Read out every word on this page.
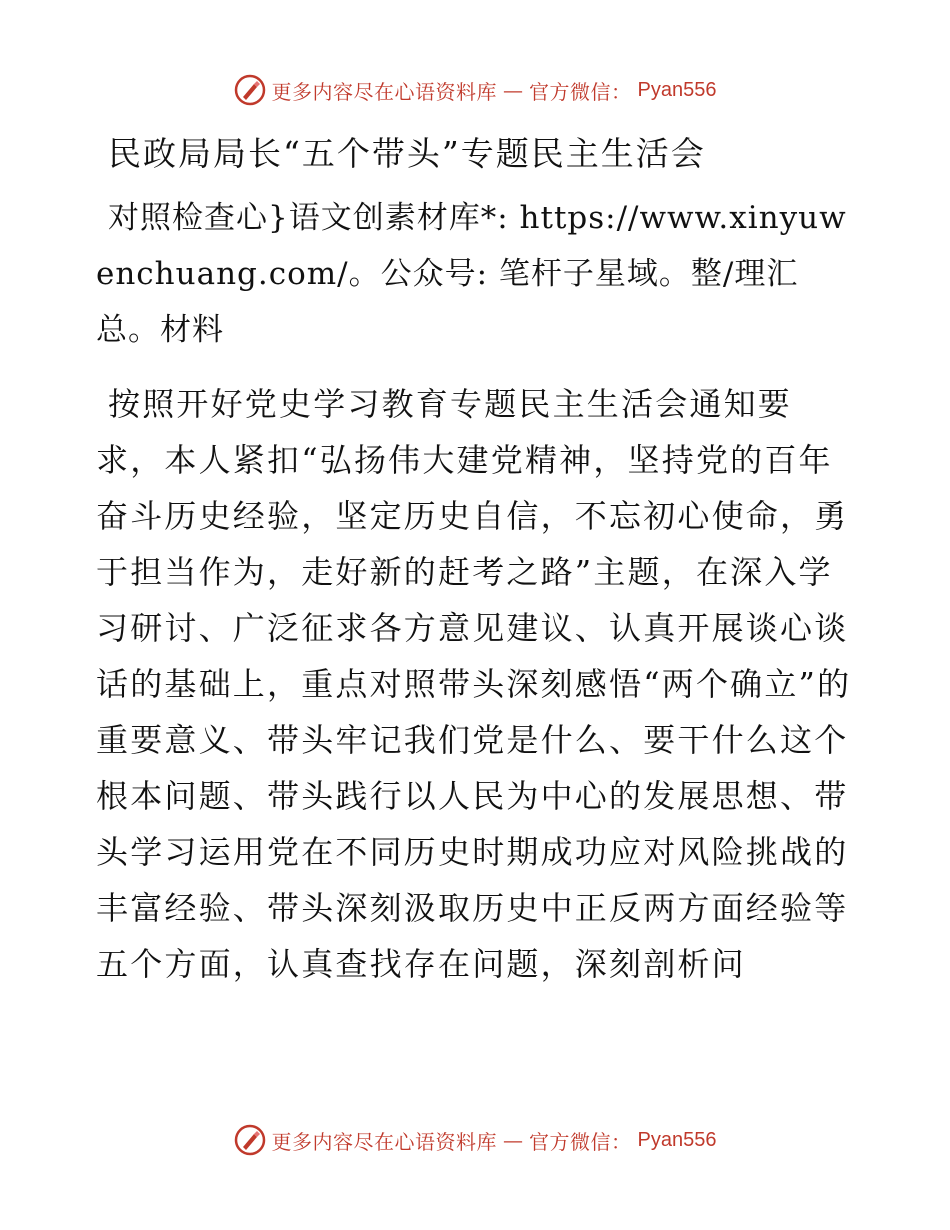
更多内容尽在心语资料库 — 官方微信： Pyan556
民政局局长“五个带头”专题民主生活会
对照检查心}语文创素材库*: https://www.xinyuwenchuang.com/。公众号: 笔杆子星域。整/理汇总。材料
按照开好党史学习教育专题民主生活会通知要求，本人紧扣“弘扬伟大建党精神，坚持党的百年奋斗历史经验，坚定历史自信，不忘初心使命，勇于担当作为，走好新的赶考之路”主题，在深入学习研讨、广泛征求各方意见建议、认真开展谈心谈话的基础上，重点对照带头深刻感悟“两个确立”的重要意义、带头牢记我们党是什么、要干什么这个根本问题、带头践行以人民为中心的发展思想、带头学习运用党在不同历史时期成功应对风险挑战的丰富经验、带头深刻汲取历史中正反两方面经验等五个方面，认真查找存在问题，深刻剖析问
更多内容尽在心语资料库 — 官方微信： Pyan556
